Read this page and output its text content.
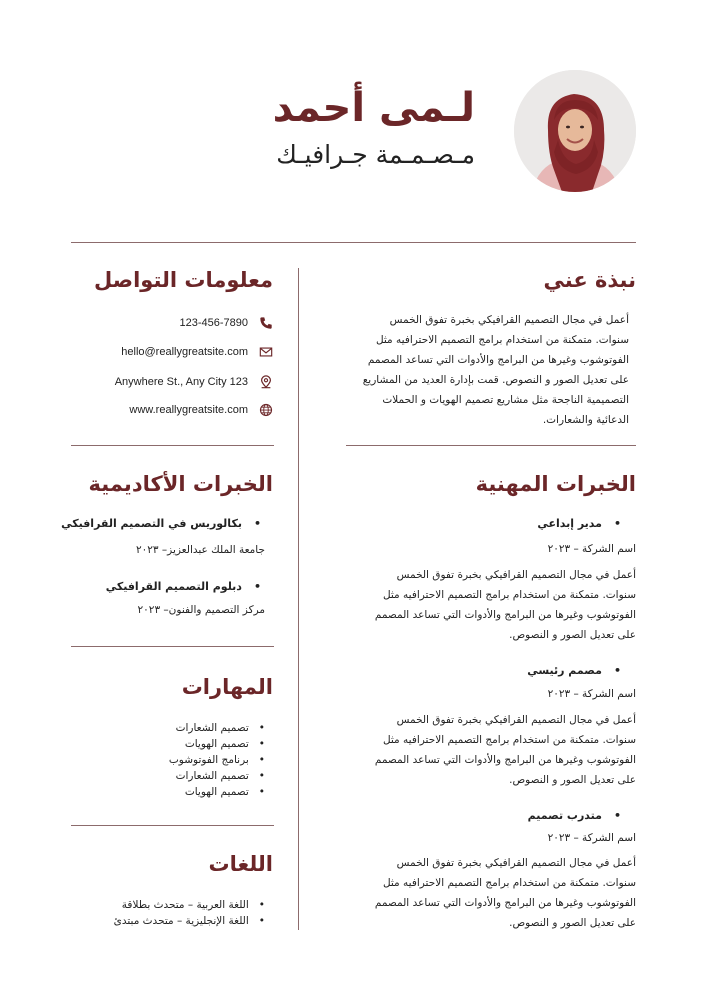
لـمى أحمد
مـصـمـمة جـرافيـك
نبذة عني

أعمل في مجال التصميم القرافيكي بخبرة تفوق الخمس سنوات. متمكنة من استخدام برامج التصميم الاحترافيه مثل الفوتوشوب وغيرها من البرامج والأدوات التي تساعد المصمم على تعديل الصور و النصوص. قمت بإدارة العديد من المشاريع التصميمية الناجحة مثل مشاريع تصميم الهويات و الحملات الدعائية والشعارات.

معلومات التواصل
123-456-7890
hello@reallygreatsite.com
Anywhere St., Any City 123
www.reallygreatsite.com
الخبرات المهنية
• مدير إبداعي
اسم الشركة – ٢٠٢٣

أعمل في مجال التصميم القرافيكي بخبرة تفوق الخمس سنوات. متمكنة من استخدام برامج التصميم الاحترافيه مثل الفوتوشوب وغيرها من البرامج والأدوات التي تساعد المصمم على تعديل الصور و النصوص.

• مصمم رئيسي
اسم الشركة – ٢٠٢٣

أعمل في مجال التصميم القرافيكي بخبرة تفوق الخمس سنوات. متمكنة من استخدام برامج التصميم الاحترافيه مثل الفوتوشوب وغيرها من البرامج والأدوات التي تساعد المصمم على تعديل الصور و النصوص.

• متدرب تصميم
اسم الشركة – ٢٠٢٣

أعمل في مجال التصميم القرافيكي بخبرة تفوق الخمس سنوات. متمكنة من استخدام برامج التصميم الاحترافيه مثل الفوتوشوب وغيرها من البرامج والأدوات التي تساعد المصمم على تعديل الصور و النصوص.

الخبرات الأكاديمية
• بكالوريس في التصميم القرافيكي
جامعة الملك عبدالعزيز– ٢٠٢٣
• دبلوم التصميم القرافيكي
مركز التصميم والفنون– ٢٠٢٣
المهارات
• تصميم الشعارات
• تصميم الهويات
• برنامج الفوتوشوب
• تصميم الشعارات
• تصميم الهويات
اللغات
• اللغة العربية – متحدث بطلاقة
• اللغة الإنجليزية – متحدث مبتدئ
